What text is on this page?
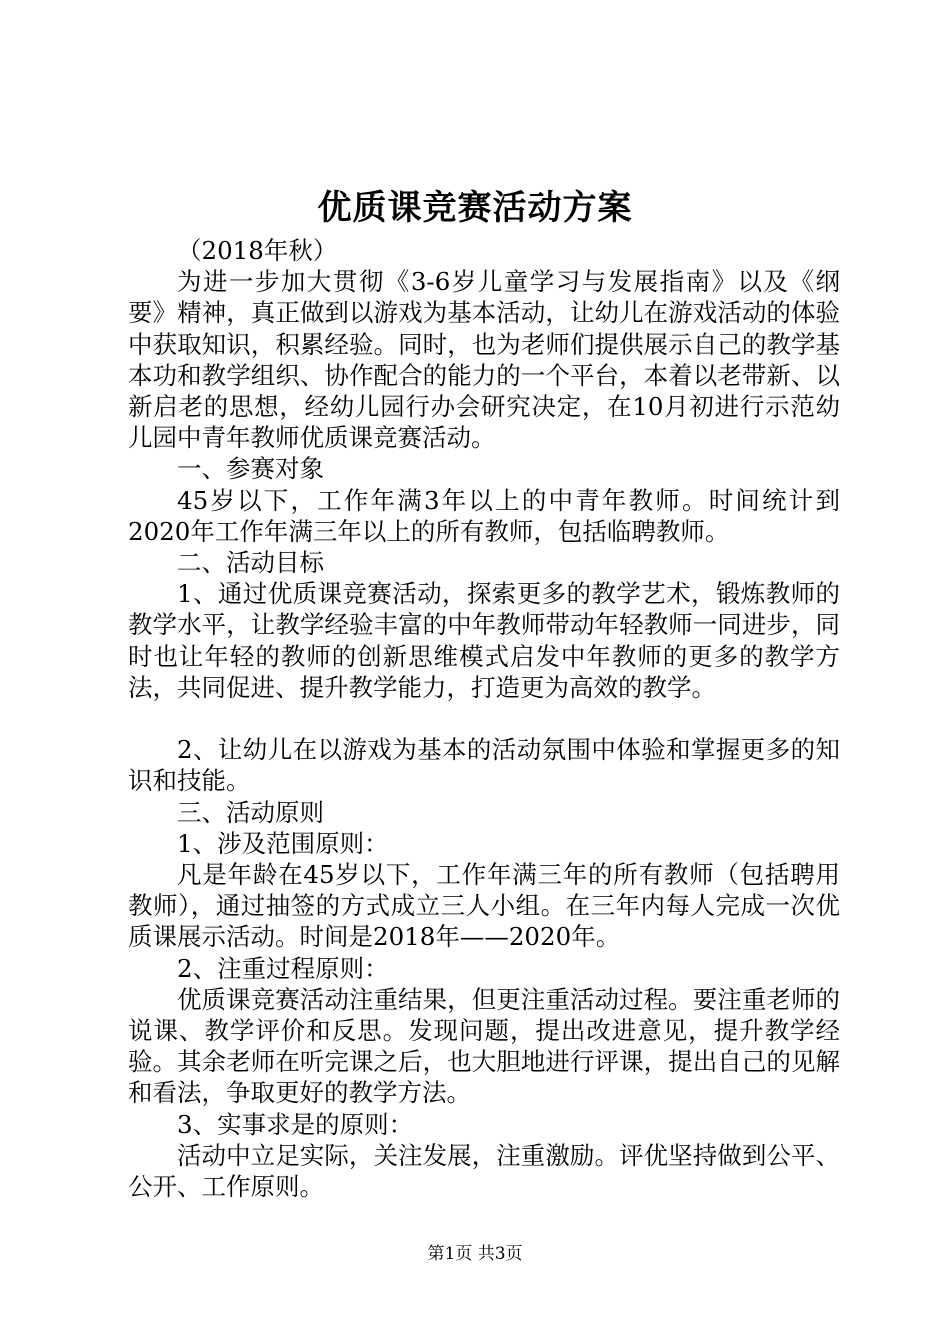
优质课竞赛活动方案

（2018年秋）

为进一步加大贯彻《3-6岁儿童学习与发展指南》以及《纲要》精神，真正做到以游戏为基本活动，让幼儿在游戏活动的体验中获取知识，积累经验。同时，也为老师们提供展示自己的教学基本功和教学组织、协作配合的能力的一个平台，本着以老带新、以新启老的思想，经幼儿园行办会研究决定，在10月初进行示范幼儿园中青年教师优质课竞赛活动。

一、参赛对象

45岁以下，工作年满3年以上的中青年教师。时间统计到2020年工作年满三年以上的所有教师，包括临聘教师。

二、活动目标

1、通过优质课竞赛活动，探索更多的教学艺术，锻炼教师的教学水平，让教学经验丰富的中年教师带动年轻教师一同进步，同时也让年轻的教师的创新思维模式启发中年教师的更多的教学方法，共同促进、提升教学能力，打造更为高效的教学。

2、让幼儿在以游戏为基本的活动氛围中体验和掌握更多的知识和技能。

三、活动原则

1、涉及范围原则：

凡是年龄在45岁以下，工作年满三年的所有教师（包括聘用教师），通过抽签的方式成立三人小组。在三年内每人完成一次优质课展示活动。时间是2018年——2020年。

2、注重过程原则：

优质课竞赛活动注重结果，但更注重活动过程。要注重老师的说课、教学评价和反思。发现问题，提出改进意见，提升教学经验。其余老师在听完课之后，也大胆地进行评课，提出自己的见解和看法，争取更好的教学方法。

3、实事求是的原则：

活动中立足实际，关注发展，注重激励。评优坚持做到公平、公开、工作原则。

第1页 共3页
